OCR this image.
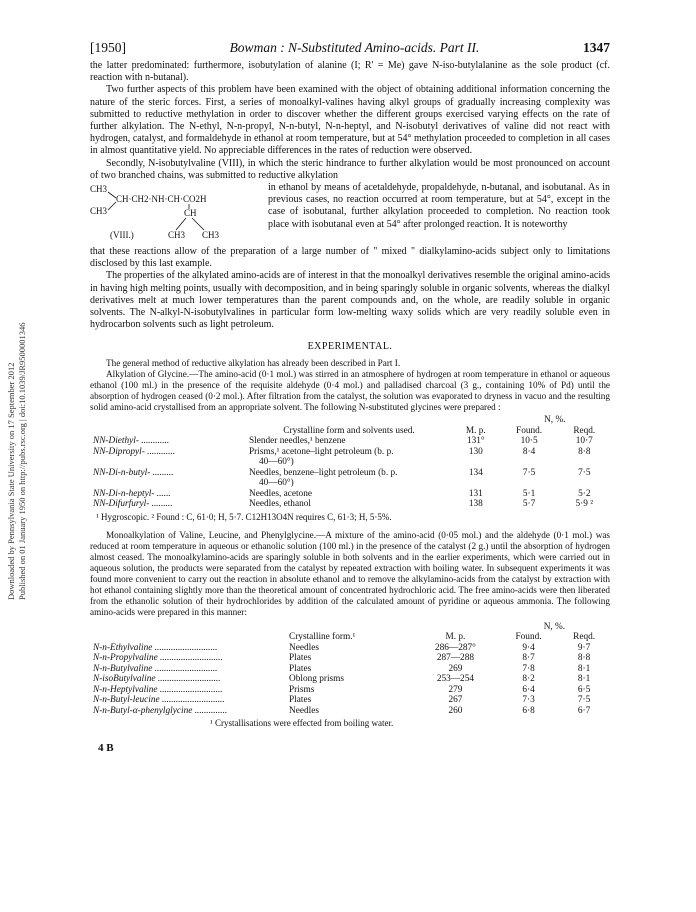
Downloaded by Pennsylvania State University on 17 September 2012 Published on 01 January 1950 on http://pubs.rsc.org | doi:10.1039/JR9500001346
[1950]	Bowman : N-Substituted Amino-acids. Part II.	1347

the latter predominated: furthermore, isobutylation of alanine (I; R' = Me) gave N-iso-butylalanine as the sole product (cf. reaction with n-butanal).

Two further aspects of this problem have been examined with the object of obtaining additional information concerning the nature of the steric forces. First, a series of monoalkyl-valines having alkyl groups of gradually increasing complexity was submitted to reductive methylation in order to discover whether the different groups exercised varying effects on the rate of further alkylation. The N-ethyl, N-n-propyl, N-n-butyl, N-n-heptyl, and N-isobutyl derivatives of valine did not react with hydrogen, catalyst, and formaldehyde in ethanol at room temperature, but at 54° methylation proceeded to completion in all cases in almost quantitative yield. No appreciable differences in the rates of reduction were observed.

Secondly, N-isobutylvaline (VIII), in which the steric hindrance to further alkylation would be most pronounced on account of two branched chains, was submitted to reductive alkylation

CH3
CH·CH2·NH·CH·CO2H
CH3	CH
(VIII.)	CH3 CH3
in ethanol by means of acetaldehyde, propaldehyde, n-butanal, and isobutanal. As in previous cases, no reaction occurred at room temperature, but at 54°, except in the case of isobutanal, further alkylation proceeded to completion. No reaction took place with isobutanal even at 54° after prolonged reaction. It is noteworthy

that these reactions allow of the preparation of a large number of " mixed " dialkylamino-acids subject only to limitations disclosed by this last example.

The properties of the alkylated amino-acids are of interest in that the monoalkyl derivatives resemble the original amino-acids in having high melting points, usually with decomposition, and in being sparingly soluble in organic solvents, whereas the dialkyl derivatives melt at much lower temperatures than the parent compounds and, on the whole, are readily soluble in organic solvents. The N-alkyl-N-isobutylvalines in particular form low-melting waxy solids which are very readily soluble even in hydrocarbon solvents such as light petroleum.

EXPERIMENTAL.

The general method of reductive alkylation has already been described in Part I.

Alkylation of Glycine.—The amino-acid (0·1 mol.) was stirred in an atmosphere of hydrogen at room temperature in ethanol or aqueous ethanol (100 ml.) in the presence of the requisite aldehyde (0·4 mol.) and palladised charcoal (3 g., containing 10% of Pd) until the absorption of hydrogen ceased (0·2 mol.). After filtration from the catalyst, the solution was evaporated to dryness in vacuo and the resulting solid amino-acid crystallised from an appropriate solvent. The following N-substituted glycines were prepared :

			N, %.	
	Crystalline form and solvents used.	M. p.	Found.	Reqd.
NN-Diethyl- ............	Slender needles,¹ benzene	131°	10·5	10·7
NN-Dipropyl- ............	Prisms,¹ acetone–light petroleum (b. p.
40—60°)	130	8·4	8·8
NN-Di-n-butyl- .........	Needles, benzene–light petroleum (b. p.
40—60°)	134	7·5	7·5
NN-Di-n-heptyl- ......	Needles, acetone	131	5·1	5·2
NN-Difurfuryl- .........	Needles, ethanol	138	5·7	5·9 ²
¹ Hygroscopic. ² Found : C, 61·0; H, 5·7. C12H13O4N requires C, 61·3; H, 5·5%.

Monoalkylation of Valine, Leucine, and Phenylglycine.—A mixture of the amino-acid (0·05 mol.) and the aldehyde (0·1 mol.) was reduced at room temperature in aqueous or ethanolic solution (100 ml.) in the presence of the catalyst (2 g.) until the absorption of hydrogen almost ceased. The monoalkylamino-acids are sparingly soluble in both solvents and in the earlier experiments, which were carried out in aqueous solution, the products were separated from the catalyst by repeated extraction with boiling water. In subsequent experiments it was found more convenient to carry out the reaction in absolute ethanol and to remove the alkylamino-acids from the catalyst by extraction with hot ethanol containing slightly more than the theoretical amount of concentrated hydrochloric acid. The free amino-acids were then liberated from the ethanolic solution of their hydrochlorides by addition of the calculated amount of pyridine or aqueous ammonia. The following amino-acids were prepared in this manner:

			N, %.	
	Crystalline form.¹	M. p.	Found.	Reqd.
N-n-Ethylvaline ...........................	Needles	286—287°	9·4	9·7
N-n-Propylvaline ...........................	Plates	287—288	8·7	8·8
N-n-Butylvaline ...........................	Plates	269	7·8	8·1
N-isoButylvaline ...........................	Oblong prisms	253—254	8·2	8·1
N-n-Heptylvaline ...........................	Prisms	279	6·4	6·5
N-n-Butyl-leucine ...........................	Plates	267	7·3	7·5
N-n-Butyl-α-phenylglycine ..............	Needles	260	6·8	6·7
¹ Crystallisations were effected from boiling water.
4 B
